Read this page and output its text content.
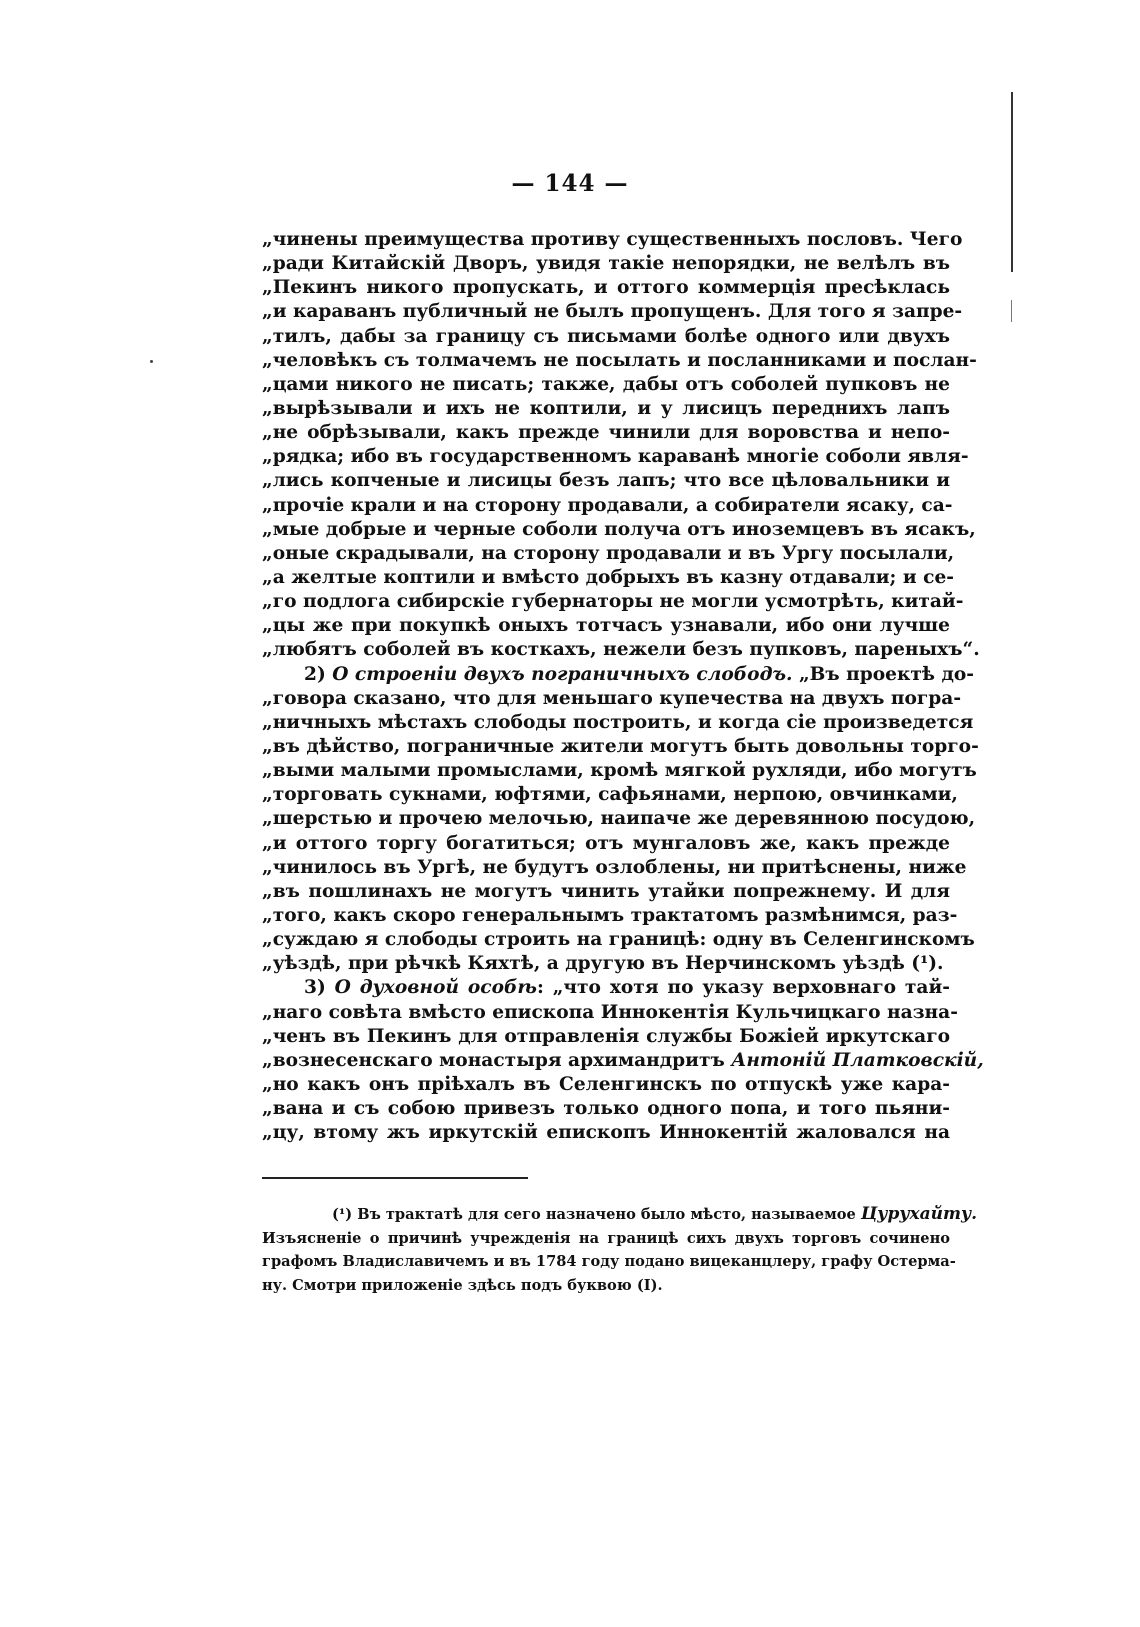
— 144 —
„чинены преимущества противу существенныхъ пословъ. Чего
„ради Китайскій Дворъ, увидя такіе непорядки, не велѣлъ въ
„Пекинъ никого пропускать, и оттого коммерція пресѣклась
„и караванъ публичный не былъ пропущенъ. Для того я запре-
„тилъ, дабы за границу съ письмами болѣе одного или двухъ
„человѣкъ съ толмачемъ не посылать и посланниками и послан-
„цами никого не писать; также, дабы отъ соболей пупковъ не
„вырѣзывали и ихъ не коптили, и у лисицъ переднихъ лапъ
„не обрѣзывали, какъ прежде чинили для воровства и непо-
„рядка; ибо въ государственномъ караванѣ многіе соболи явля-
„лись копченые и лисицы безъ лапъ; что все цѣловальники и
„прочіе крали и на сторону продавали, а собиратели ясаку, са-
„мые добрые и черные соболи получа отъ иноземцевъ въ ясакъ,
„оные скрадывали, на сторону продавали и въ Ургу посылали,
„а желтые коптили и вмѣсто добрыхъ въ казну отдавали; и се-
„го подлога сибирскіе губернаторы не могли усмотрѣть, китай-
„цы же при покупкѣ оныхъ тотчасъ узнавали, ибо они лучше
„любятъ соболей въ косткахъ, нежели безъ пупковъ, пареныхъ“.
2) О строеніи двухъ пограничныхъ слободъ. „Въ проектѣ до-
„говора сказано, что для меньшаго купечества на двухъ погра-
„ничныхъ мѣстахъ слободы построить, и когда сіе произведется
„въ дѣйство, пограничные жители могутъ быть довольны торго-
„выми малыми промыслами, кромѣ мягкой рухляди, ибо могутъ
„торговать сукнами, юфтями, сафьянами, нерпою, овчинками,
„шерстью и прочею мелочью, наипаче же деревянною посудою,
„и оттого торгу богатиться; отъ мунгаловъ же, какъ прежде
„чинилось въ Ургѣ, не будутъ озлоблены, ни притѣснены, ниже
„въ пошлинахъ не могутъ чинить утайки попрежнему. И для
„того, какъ скоро генеральнымъ трактатомъ размѣнимся, раз-
„суждаю я слободы строить на границѣ: одну въ Селенгинскомъ
„уѣздѣ, при рѣчкѣ Кяхтѣ, а другую въ Нерчинскомъ уѣздѣ (¹).
3) О духовной особѣ: „что хотя по указу верховнаго тай-
„наго совѣта вмѣсто епископа Иннокентія Кульчицкаго назна-
„ченъ въ Пекинъ для отправленія службы Божіей иркутскаго
„вознесенскаго монастыря архимандритъ Антоній Платковскій,
„но какъ онъ пріѣхалъ въ Селенгинскъ по отпускѣ уже кара-
„вана и съ собою привезъ только одного попа, и того пьяни-
„цу, втому жъ иркутскій епископъ Иннокентій жаловался на
(¹) Въ трактатѣ для сего назначено было мѣсто, называемое Цурухайту.
Изъясненіе о причинѣ учрежденія на границѣ сихъ двухъ торговъ сочинено
графомъ Владиславичемъ и въ 1784 году подано вицеканцлеру, графу Остерма-
ну. Смотри приложеніе здѣсь подъ буквою (I).
